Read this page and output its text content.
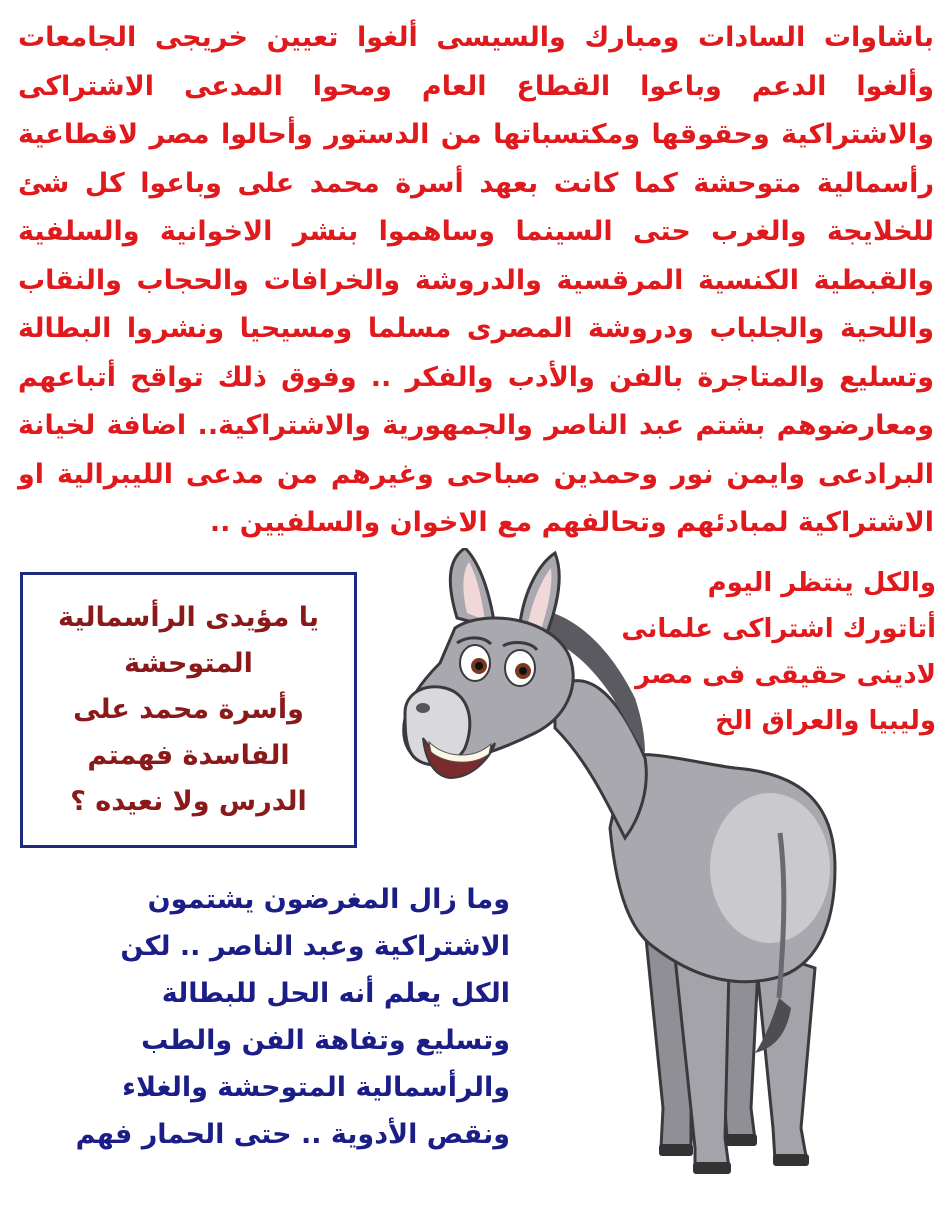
باشاوات السادات ومبارك والسيسى ألغوا تعيين خريجى الجامعات وألغوا الدعم وباعوا القطاع العام ومحوا المدعى الاشتراكى والاشتراكية وحقوقها ومكتسباتها من الدستور وأحالوا مصر لاقطاعية رأسمالية متوحشة كما كانت بعهد أسرة محمد على وباعوا كل شئ للخلايجة والغرب حتى السينما وساهموا بنشر الاخوانية والسلفية والقبطية الكنسية المرقسية والدروشة والخرافات والحجاب والنقاب واللحية والجلباب ودروشة المصرى مسلما ومسيحيا ونشروا البطالة وتسليع والمتاجرة بالفن والأدب والفكر .. وفوق ذلك تواقح أتباعهم ومعارضوهم بشتم عبد الناصر والجمهورية والاشتراكية.. اضافة لخيانة البرادعى وايمن نور وحمدين صباحى وغيرهم من مدعى الليبرالية او الاشتراكية لمبادئهم وتحالفهم مع الاخوان والسلفيين ..
والكل ينتظر اليوم
أتاتورك اشتراكى علمانى
لادينى حقيقى فى مصر
وليبيا والعراق الخ
يا مؤيدى الرأسمالية
المتوحشة
وأسرة محمد على
الفاسدة فهمتم
الدرس ولا نعيده ؟
وما زال المغرضون يشتمون
الاشتراكية وعبد الناصر .. لكن
الكل يعلم أنه الحل للبطالة
وتسليع وتفاهة الفن والطب
والرأسمالية المتوحشة والغلاء
ونقص الأدوية .. حتى الحمار فهم
